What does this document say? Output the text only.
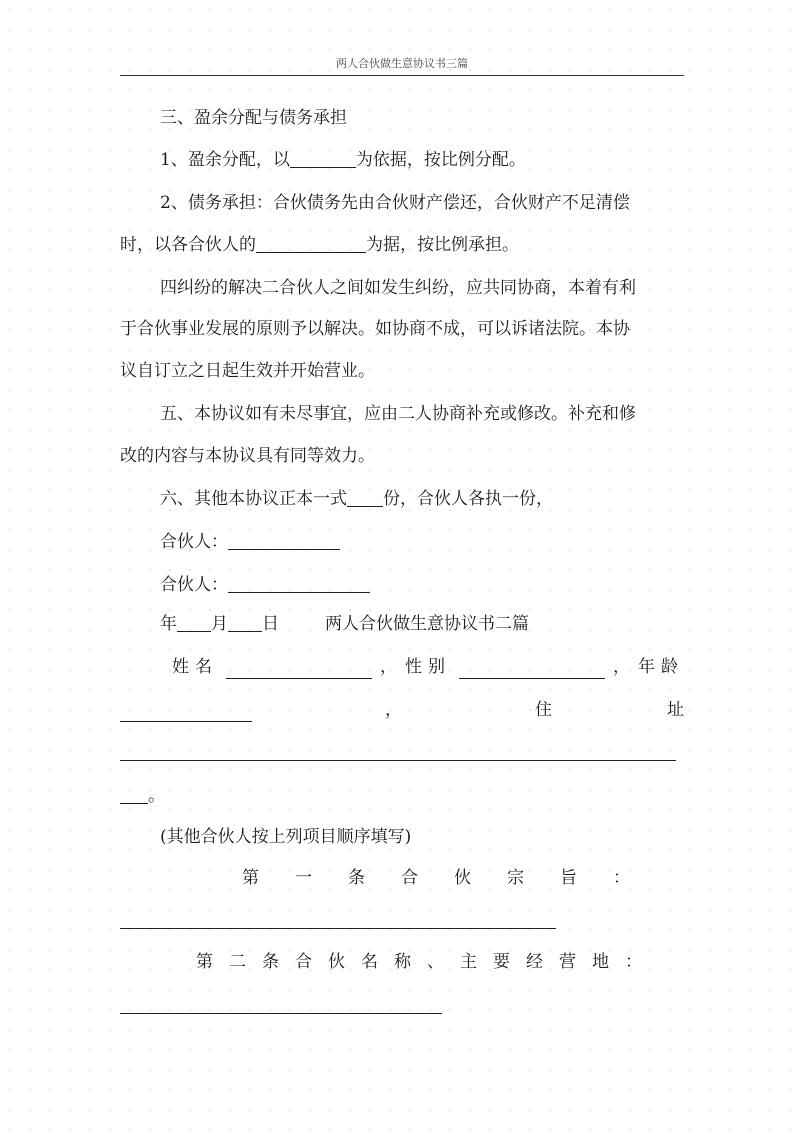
两人合伙做生意协议书三篇
三、盈余分配与债务承担
1、盈余分配，以	为依据，按比例分配。
2、债务承担：合伙债务先由合伙财产偿还，合伙财产不足清偿
时，以各合伙人的	为据，按比例承担。
四纠纷的解决二合伙人之间如发生纠纷，应共同协商，本着有利
于合伙事业发展的原则予以解决。如协商不成，可以诉诸法院。本协
议自订立之日起生效并开始营业。
五、本协议如有未尽事宜，应由二人协商补充或修改。补充和修
改的内容与本协议具有同等效力。
六、其他本协议正本一式 份，合伙人各执一份，
合伙人：
合伙人：
年 月 日	两人合伙做生意协议书二篇
姓名	， 性别	， 年龄
，	住址
。
(其他合伙人按上列项目顺序填写)
第一条合伙宗旨：
第二条合伙名称、主要经营地：
